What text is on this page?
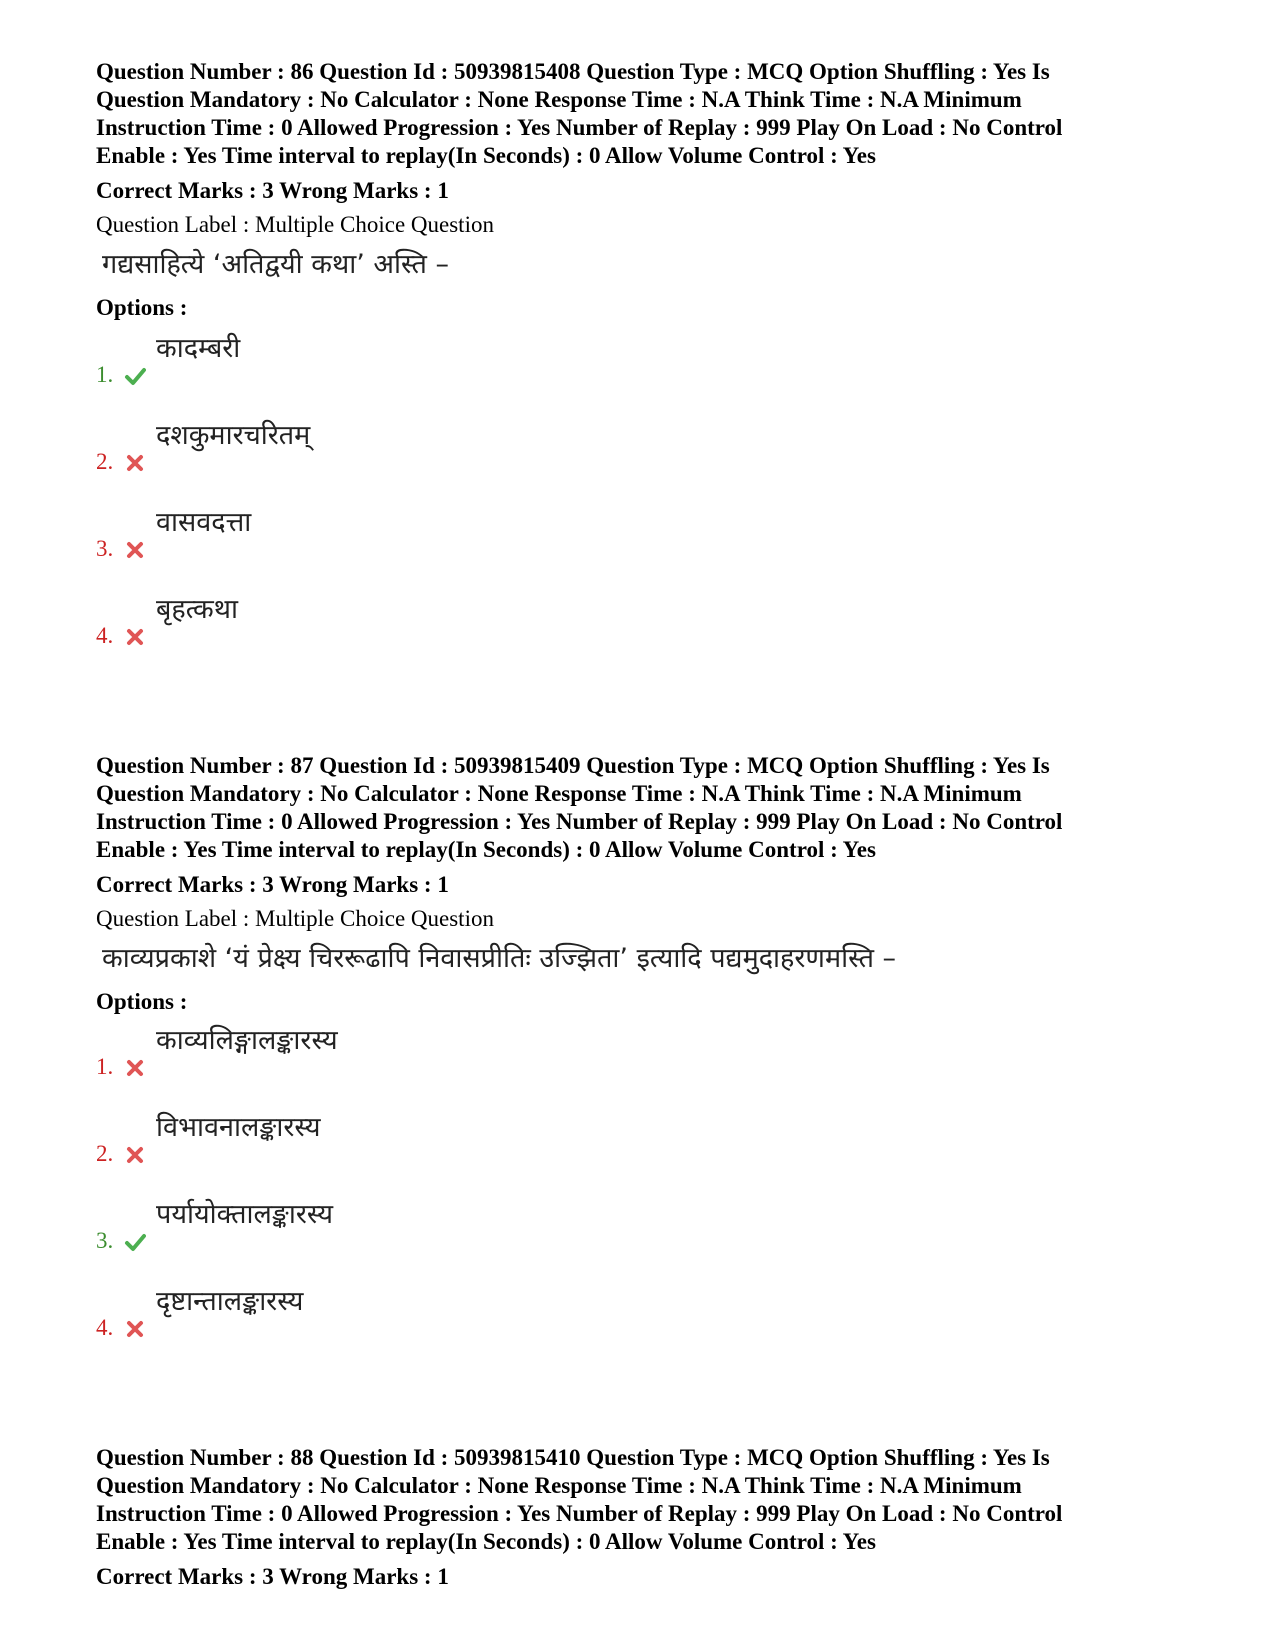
Question Number : 86 Question Id : 50939815408 Question Type : MCQ Option Shuffling : Yes Is
Question Mandatory : No Calculator : None Response Time : N.A Think Time : N.A Minimum
Instruction Time : 0 Allowed Progression : Yes Number of Replay : 999 Play On Load : No Control
Enable : Yes Time interval to replay(In Seconds) : 0 Allow Volume Control : Yes

Correct Marks : 3 Wrong Marks : 1
Question Label : Multiple Choice Question
गद्यसाहित्ये ‘अतिद्वयी कथा’ अस्ति –
Options :
1.
कादम्बरी
2.
दशकुमारचरितम्
3.
वासवदत्ता
4.
बृहत्कथा

Question Number : 87 Question Id : 50939815409 Question Type : MCQ Option Shuffling : Yes Is
Question Mandatory : No Calculator : None Response Time : N.A Think Time : N.A Minimum
Instruction Time : 0 Allowed Progression : Yes Number of Replay : 999 Play On Load : No Control
Enable : Yes Time interval to replay(In Seconds) : 0 Allow Volume Control : Yes

Correct Marks : 3 Wrong Marks : 1
Question Label : Multiple Choice Question
काव्यप्रकाशे ‘यं प्रेक्ष्य चिररूढापि निवासप्रीतिः उज्झिता’ इत्यादि पद्यमुदाहरणमस्ति –
Options :
1.
काव्यलिङ्गालङ्कारस्य
2.
विभावनालङ्कारस्य
3.
पर्यायोक्तालङ्कारस्य
4.
दृष्टान्तालङ्कारस्य

Question Number : 88 Question Id : 50939815410 Question Type : MCQ Option Shuffling : Yes Is
Question Mandatory : No Calculator : None Response Time : N.A Think Time : N.A Minimum
Instruction Time : 0 Allowed Progression : Yes Number of Replay : 999 Play On Load : No Control
Enable : Yes Time interval to replay(In Seconds) : 0 Allow Volume Control : Yes

Correct Marks : 3 Wrong Marks : 1
